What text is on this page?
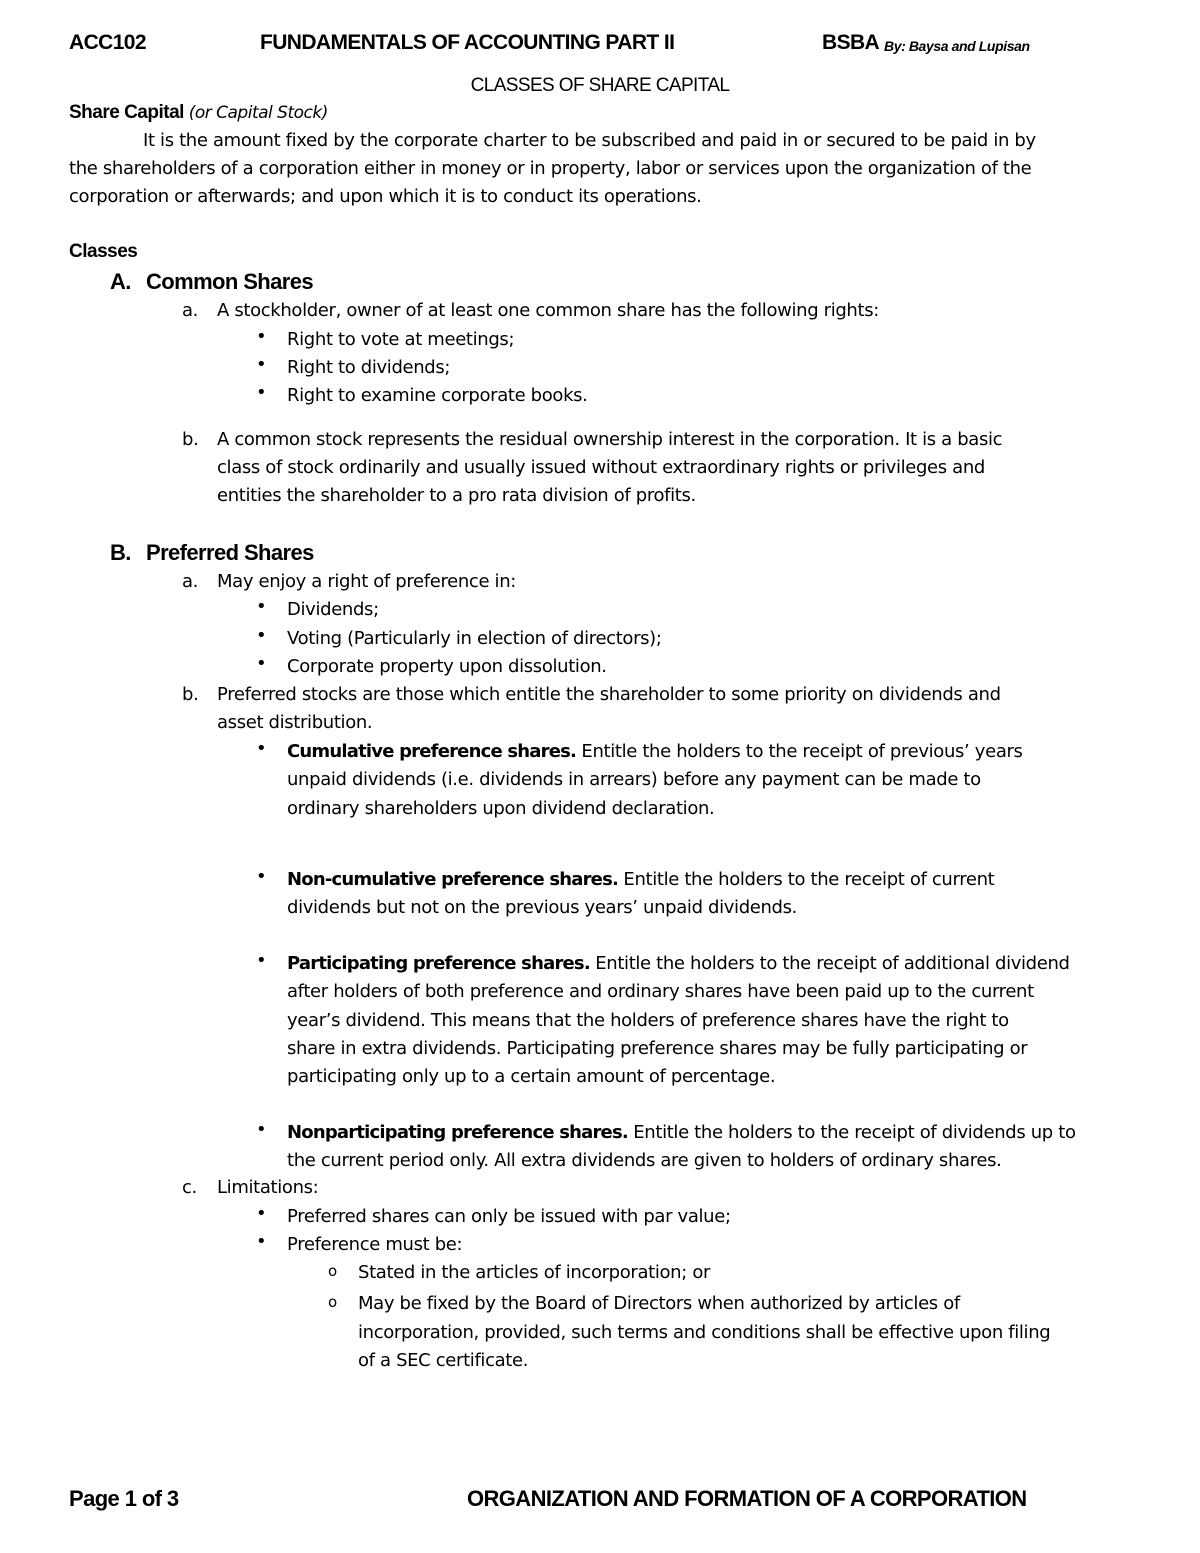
ACC102	FUNDAMENTALS OF ACCOUNTING PART II	BSBA By: Baysa and Lupisan
CLASSES OF SHARE CAPITAL
Share Capital (or Capital Stock)
It is the amount fixed by the corporate charter to be subscribed and paid in or secured to be paid in by
the shareholders of a corporation either in money or in property, labor or services upon the organization of the
corporation or afterwards; and upon which it is to conduct its operations.
Classes
A. Common Shares
a. A stockholder, owner of at least one common share has the following rights:
• Right to vote at meetings;
• Right to dividends;
• Right to examine corporate books.
b. A common stock represents the residual ownership interest in the corporation. It is a basic
class of stock ordinarily and usually issued without extraordinary rights or privileges and
entities the shareholder to a pro rata division of profits.
B. Preferred Shares
a. May enjoy a right of preference in:
• Dividends;
• Voting (Particularly in election of directors);
• Corporate property upon dissolution.
b. Preferred stocks are those which entitle the shareholder to some priority on dividends and
asset distribution.
• Cumulative preference shares. Entitle the holders to the receipt of previous’ years
unpaid dividends (i.e. dividends in arrears) before any payment can be made to
ordinary shareholders upon dividend declaration.
• Non-cumulative preference shares. Entitle the holders to the receipt of current
dividends but not on the previous years’ unpaid dividends.
• Participating preference shares. Entitle the holders to the receipt of additional dividend
after holders of both preference and ordinary shares have been paid up to the current
year’s dividend. This means that the holders of preference shares have the right to
share in extra dividends. Participating preference shares may be fully participating or
participating only up to a certain amount of percentage.
• Nonparticipating preference shares. Entitle the holders to the receipt of dividends up to
the current period only. All extra dividends are given to holders of ordinary shares.
c. Limitations:
• Preferred shares can only be issued with par value;
• Preference must be:
o Stated in the articles of incorporation; or
o May be fixed by the Board of Directors when authorized by articles of
incorporation, provided, such terms and conditions shall be effective upon filing
of a SEC certificate.
Page 1 of 3	ORGANIZATION AND FORMATION OF A CORPORATION
